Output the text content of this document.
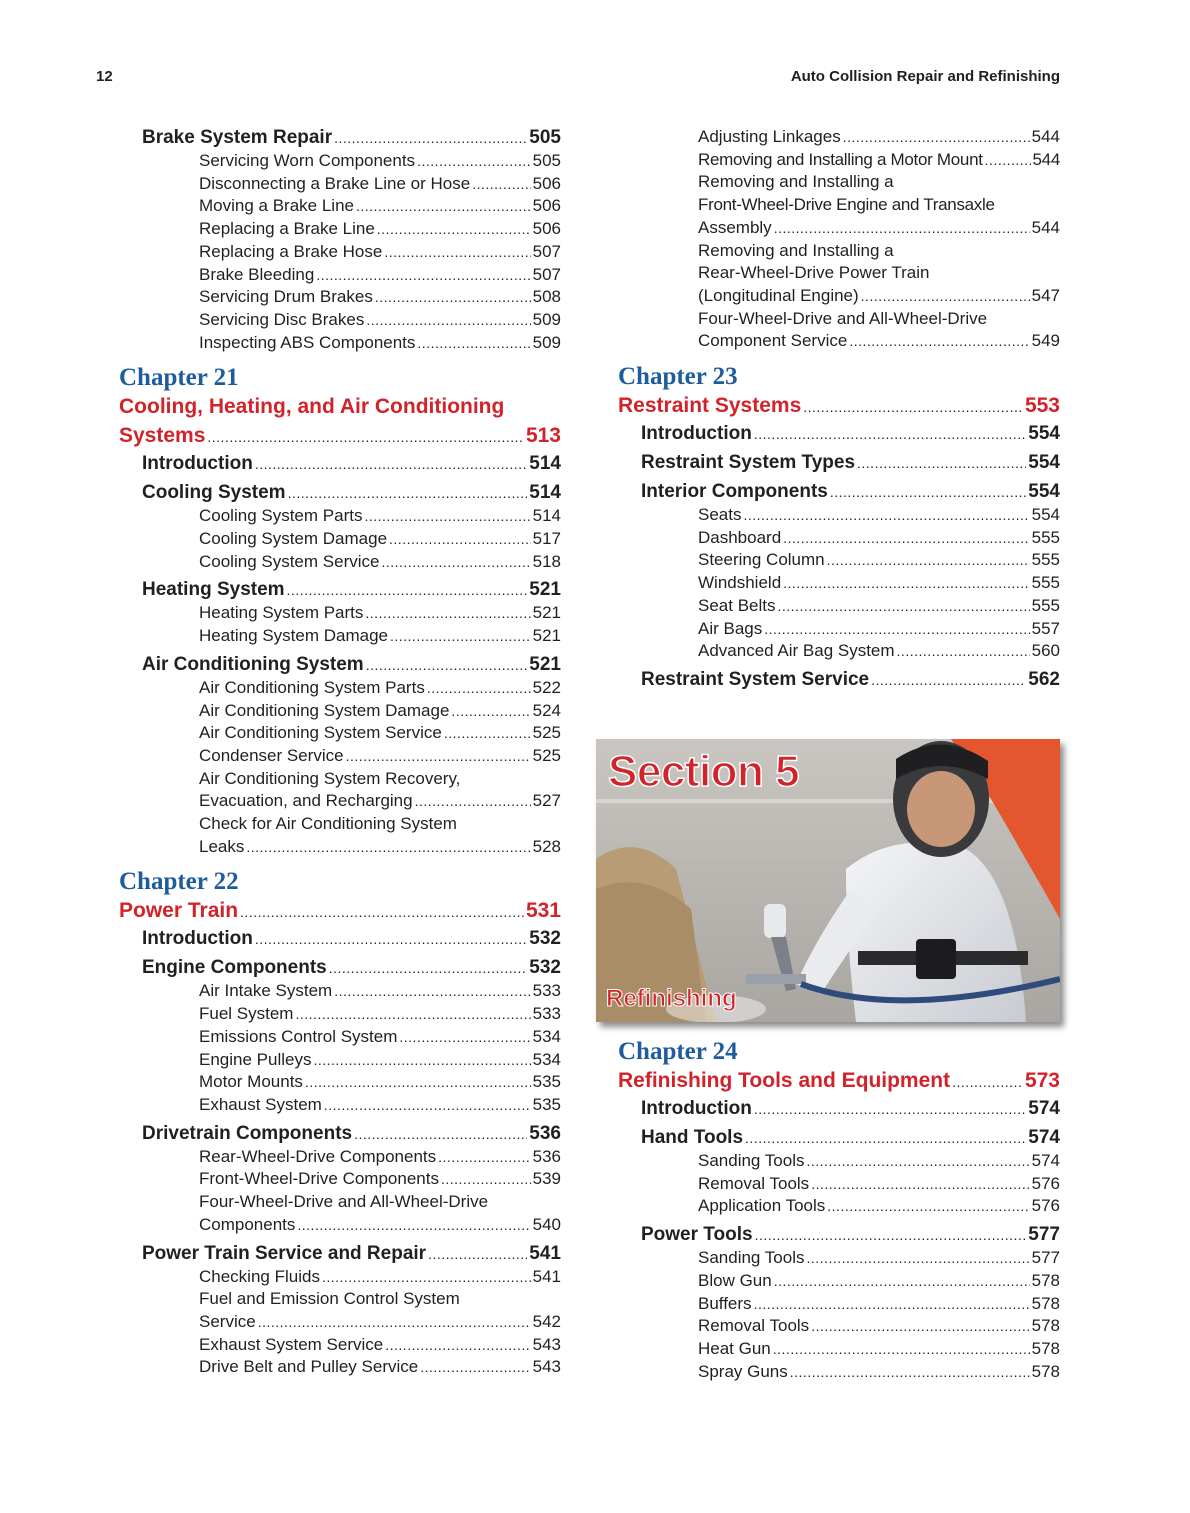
12	Auto Collision Repair and Refinishing
Brake System Repair .....	505
Servicing Worn Components .....	505
Disconnecting a Brake Line or Hose .....	506
Moving a Brake Line .....	506
Replacing a Brake Line .....	506
Replacing a Brake Hose .....	507
Brake Bleeding .....	507
Servicing Drum Brakes .....	508
Servicing Disc Brakes .....	509
Inspecting ABS Components .....	509
Chapter 21
Cooling, Heating, and Air Conditioning
Systems .....	513
Introduction .....	514
Cooling System .....	514
Cooling System Parts .....	514
Cooling System Damage .....	517
Cooling System Service .....	518
Heating System .....	521
Heating System Parts .....	521
Heating System Damage .....	521
Air Conditioning System .....	521
Air Conditioning System Parts .....	522
Air Conditioning System Damage .....	524
Air Conditioning System Service .....	525
Condenser Service .....	525
Air Conditioning System Recovery,
Evacuation, and Recharging .....	527
Check for Air Conditioning System
Leaks .....	528
Chapter 22
Power Train .....	531
Introduction .....	532
Engine Components .....	532
Air Intake System .....	533
Fuel System .....	533
Emissions Control System .....	534
Engine Pulleys .....	534
Motor Mounts .....	535
Exhaust System .....	535
Drivetrain Components .....	536
Rear-Wheel-Drive Components .....	536
Front-Wheel-Drive Components .....	539
Four-Wheel-Drive and All-Wheel-Drive
Components .....	540
Power Train Service and Repair .....	541
Checking Fluids .....	541
Fuel and Emission Control System
Service .....	542
Exhaust System Service .....	543
Drive Belt and Pulley Service .....	543
Adjusting Linkages .....	544
Removing and Installing a Motor Mount .....	544
Removing and Installing a
Front-Wheel-Drive Engine and Transaxle
Assembly .....	544
Removing and Installing a
Rear-Wheel-Drive Power Train
(Longitudinal Engine) .....	547
Four-Wheel-Drive and All-Wheel-Drive
Component Service .....	549
Chapter 23
Restraint Systems .....	553
Introduction .....	554
Restraint System Types .....	554
Interior Components .....	554
Seats .....	554
Dashboard .....	555
Steering Column .....	555
Windshield .....	555
Seat Belts .....	555
Air Bags .....	557
Advanced Air Bag System .....	560
Restraint System Service .....	562
Section 5
Refinishing
Chapter 24
Refinishing Tools and Equipment .....	573
Introduction .....	574
Hand Tools .....	574
Sanding Tools .....	574
Removal Tools .....	576
Application Tools .....	576
Power Tools .....	577
Sanding Tools .....	577
Blow Gun .....	578
Buffers .....	578
Removal Tools .....	578
Heat Gun .....	578
Spray Guns .....	578
